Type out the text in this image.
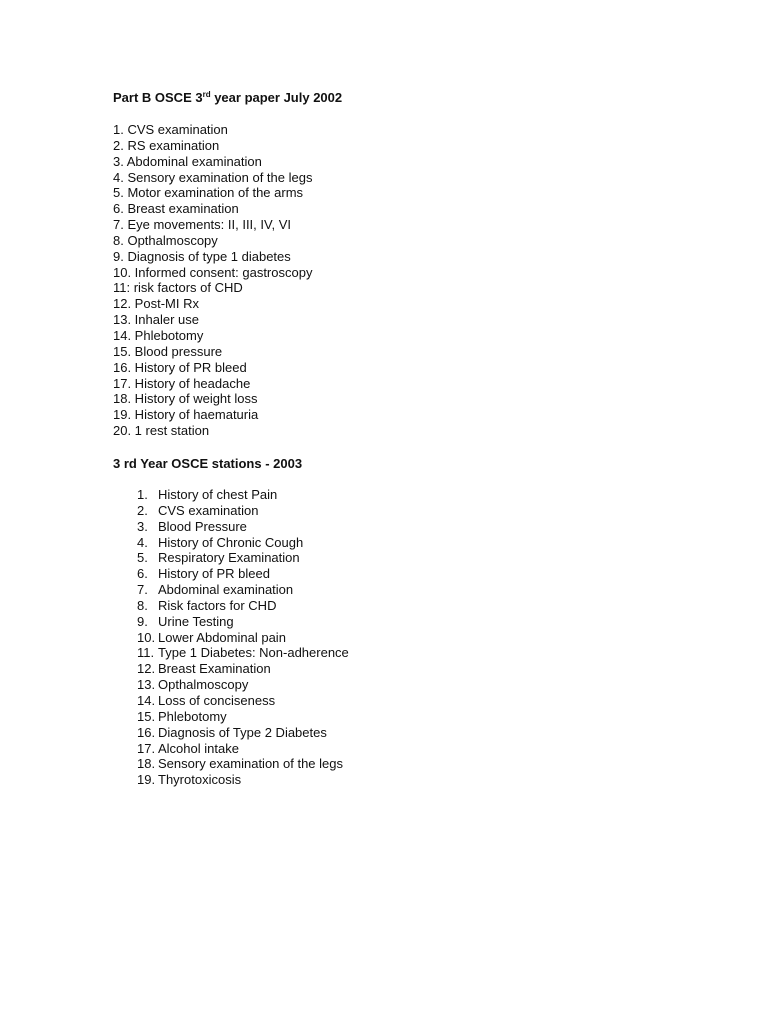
Part B OSCE 3rd year paper July 2002
1. CVS examination
2. RS examination
3. Abdominal examination
4. Sensory examination of the legs
5. Motor examination of the arms
6. Breast examination
7. Eye movements: II, III, IV, VI
8. Opthalmoscopy
9. Diagnosis of type 1 diabetes
10. Informed consent: gastroscopy
11: risk factors of CHD
12. Post-MI Rx
13. Inhaler use
14. Phlebotomy
15. Blood pressure
16. History of PR bleed
17. History of headache
18. History of weight loss
19. History of haematuria
20. 1 rest station
3 rd Year OSCE stations - 2003
1. History of chest Pain
2. CVS examination
3. Blood Pressure
4. History of Chronic Cough
5. Respiratory Examination
6. History of PR bleed
7. Abdominal examination
8. Risk factors for CHD
9. Urine Testing
10. Lower Abdominal pain
11. Type 1 Diabetes: Non-adherence
12. Breast Examination
13. Opthalmoscopy
14. Loss of conciseness
15. Phlebotomy
16. Diagnosis of Type 2 Diabetes
17. Alcohol intake
18. Sensory examination of the legs
19. Thyrotoxicosis
